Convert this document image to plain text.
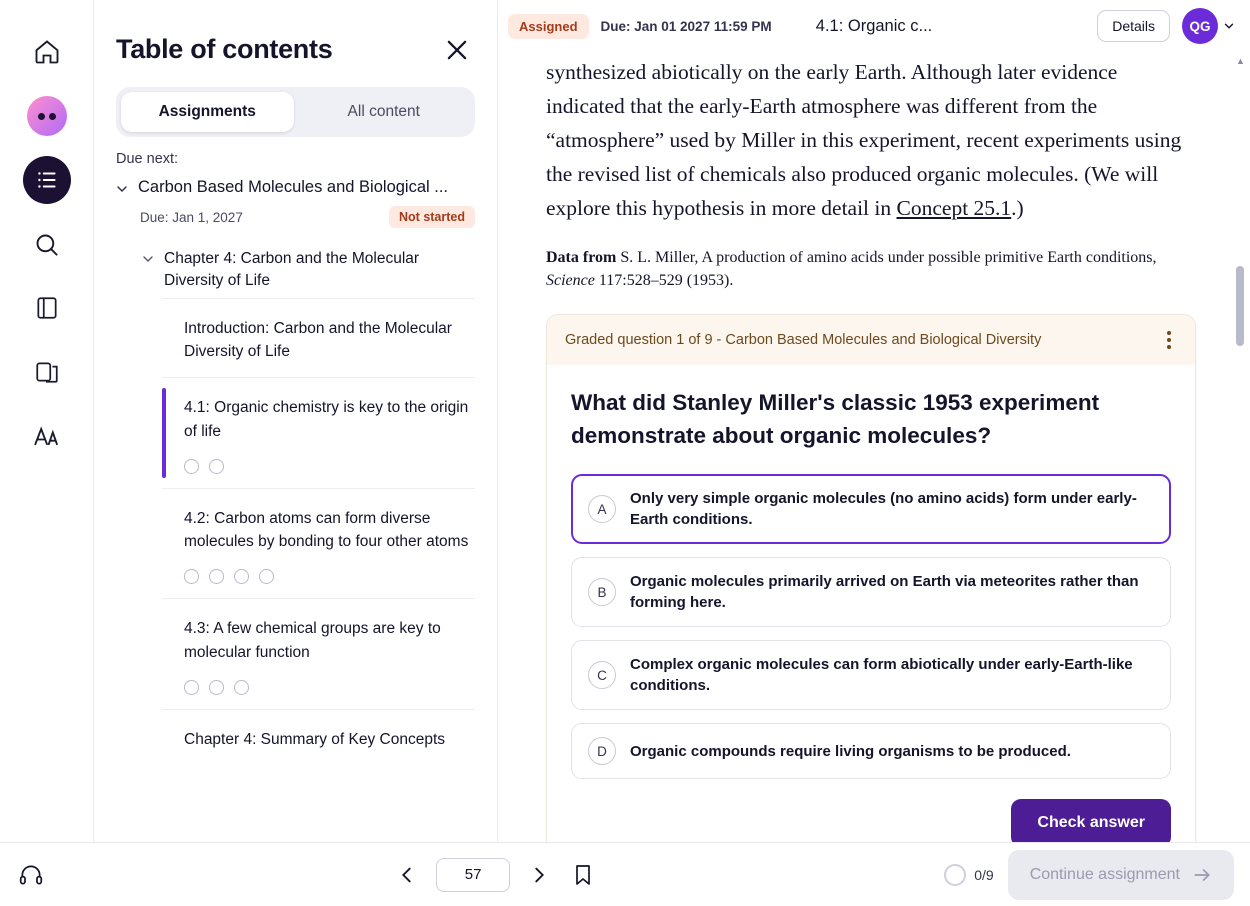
Table of contents
Assignments	All content
Due next:
Carbon Based Molecules and Biological ...
Due: Jan 1, 2027	Not started
Chapter 4: Carbon and the Molecular Diversity of Life
Introduction: Carbon and the Molecular Diversity of Life
4.1: Organic chemistry is key to the origin of life
4.2: Carbon atoms can form diverse molecules by bonding to four other atoms
4.3: A few chemical groups are key to molecular function
Chapter 4: Summary of Key Concepts
Assigned	Due: Jan 01 2027 11:59 PM	4.1: Organic c...	Details	QG

synthesized abiotically on the early Earth. Although later evidence indicated that the early-Earth atmosphere was different from the “atmosphere” used by Miller in this experiment, recent experiments using the revised list of chemicals also produced organic molecules. (We will explore this hypothesis in more detail in Concept 25.1.)

Data from S. L. Miller, A production of amino acids under possible primitive Earth conditions, Science 117:528–529 (1953).
Graded question 1 of 9 - Carbon Based Molecules and Biological Diversity
What did Stanley Miller's classic 1953 experiment demonstrate about organic molecules?
A
Only very simple organic molecules (no amino acids) form under early-Earth conditions.
B
Organic molecules primarily arrived on Earth via meteorites rather than forming here.
C
Complex organic molecules can form abiotically under early-Earth-like conditions.
D	Organic compounds require living organisms to be produced.
Check answer
▲
57
0/9 Continue assignment
